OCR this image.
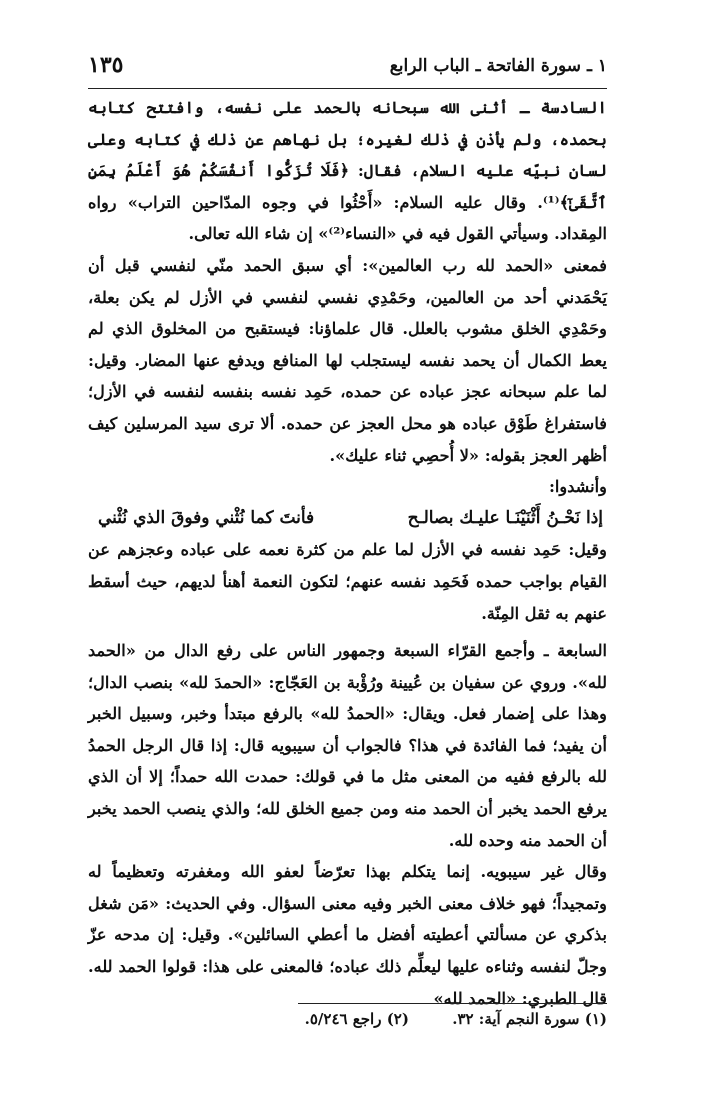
١ ـ سورة الفاتحة ـ الباب الرابع
١٣٥

السادسة ـ أثنى الله سبحانه بالحمد على نفسه، وافتتح كتابه بحمده، ولم يأذن في ذلك لغيره؛ بل نهاهم عن ذلك في كتابه وعلى لسان نبيّه عليه السلام، فقال: ﴿فَلَا تُزَكُّوا أَنفُسَكُمْ هُوَ أَعْلَمُ بِمَنِ ٱتَّقَىٰٓ﴾⁽¹⁾. وقال عليه السلام: «أَحْثُوا في وجوه المدّاحين التراب» رواه المِقداد. وسيأتي القول فيه في «النساء⁽²⁾» إن شاء الله تعالى.

فمعنى «الحمد لله رب العالمين»: أي سبق الحمد منّي لنفسي قبل أن يَحْمَدني أحد من العالمين، وحَمْدِي نفسي لنفسي في الأزل لم يكن بعلة، وحَمْدِي الخلق مشوب بالعلل. قال علماؤنا: فيستقبح من المخلوق الذي لم يعط الكمال أن يحمد نفسه ليستجلب لها المنافع ويدفع عنها المضار. وقيل: لما علم سبحانه عجز عباده عن حمده، حَمِد نفسه بنفسه لنفسه في الأزل؛ فاستفراغ طَوْق عباده هو محل العجز عن حمده. ألا ترى سيد المرسلين كيف أظهر العجز بقوله: «لا أُحصِي ثناء عليك».

وأنشدوا:

إذا نَحْـنُ أَثْنَيْنَـا عليـك بصالـح
فأنتَ كما نُثْني وفوقَ الذي نُثْني

وقيل: حَمِد نفسه في الأزل لما علم من كثرة نعمه على عباده وعجزهم عن القيام بواجب حمده فَحَمِد نفسه عنهم؛ لتكون النعمة أهنأ لديهم، حيث أسقط عنهم به ثقل المِنّة.

السابعة ـ وأجمع القرّاء السبعة وجمهور الناس على رفع الدال من «الحمد لله». وروي عن سفيان بن عُيينة ورُؤْبة بن العَجّاج: «الحمدَ لله» بنصب الدال؛ وهذا على إضمار فعل. ويقال: «الحمدُ لله» بالرفع مبتدأ وخبر، وسبيل الخبر أن يفيد؛ فما الفائدة في هذا؟ فالجواب أن سيبويه قال: إذا قال الرجل الحمدُ لله بالرفع ففيه من المعنى مثل ما في قولك: حمدت الله حمداً؛ إلا أن الذي يرفع الحمد يخبر أن الحمد منه ومن جميع الخلق لله؛ والذي ينصب الحمد يخبر أن الحمد منه وحده لله.

وقال غير سيبويه. إنما يتكلم بهذا تعرّضاً لعفو الله ومغفرته وتعظيماً له وتمجيداً؛ فهو خلاف معنى الخبر وفيه معنى السؤال. وفي الحديث: «مَن شغل بذكري عن مسألتي أعطيته أفضل ما أعطي السائلين». وقيل: إن مدحه عزّ وجلّ لنفسه وثناءه عليها ليعلِّم ذلك عباده؛ فالمعنى على هذا: قولوا الحمد لله. قال الطبري: «الحمد لله»

(١) سورة النجم آية: ٣٢. (٢) راجع ٥/٢٤٦.
